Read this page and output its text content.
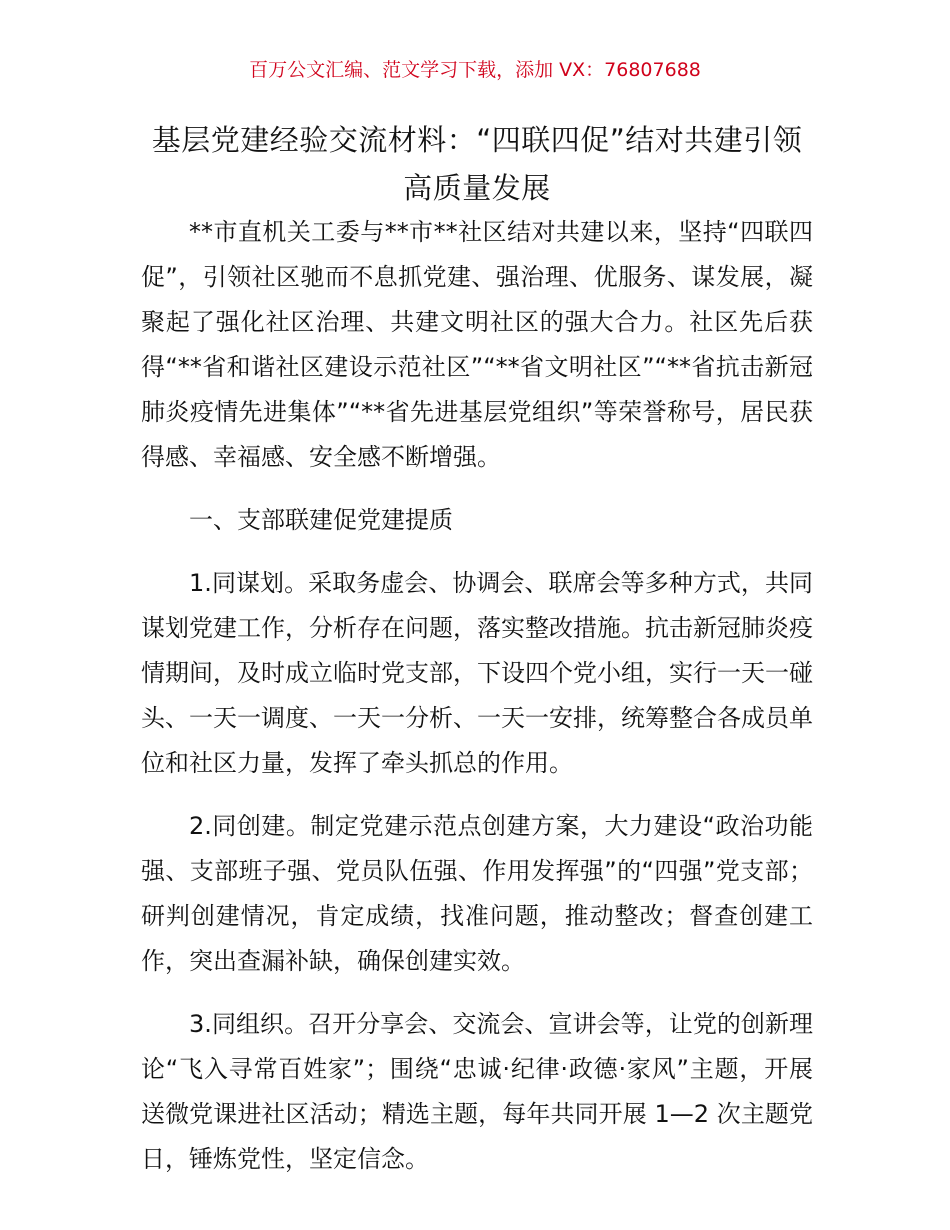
百万公文汇编、范文学习下载，添加 VX：76807688
基层党建经验交流材料：“四联四促”结对共建引领高质量发展

**市直机关工委与**市**社区结对共建以来，坚持“四联四促”，引领社区驰而不息抓党建、强治理、优服务、谋发展，凝聚起了强化社区治理、共建文明社区的强大合力。社区先后获得“**省和谐社区建设示范社区”“**省文明社区”“**省抗击新冠肺炎疫情先进集体”“**省先进基层党组织”等荣誉称号，居民获得感、幸福感、安全感不断增强。

一、支部联建促党建提质

1.同谋划。采取务虚会、协调会、联席会等多种方式，共同谋划党建工作，分析存在问题，落实整改措施。抗击新冠肺炎疫情期间，及时成立临时党支部，下设四个党小组，实行一天一碰头、一天一调度、一天一分析、一天一安排，统筹整合各成员单位和社区力量，发挥了牵头抓总的作用。

2.同创建。制定党建示范点创建方案，大力建设“政治功能强、支部班子强、党员队伍强、作用发挥强”的“四强”党支部；研判创建情况，肯定成绩，找准问题，推动整改；督查创建工作，突出查漏补缺，确保创建实效。

3.同组织。召开分享会、交流会、宣讲会等，让党的创新理论“飞入寻常百姓家”；围绕“忠诚·纪律·政德·家风”主题，开展送微党课进社区活动；精选主题，每年共同开展 1—2 次主题党日，锤炼党性，坚定信念。
